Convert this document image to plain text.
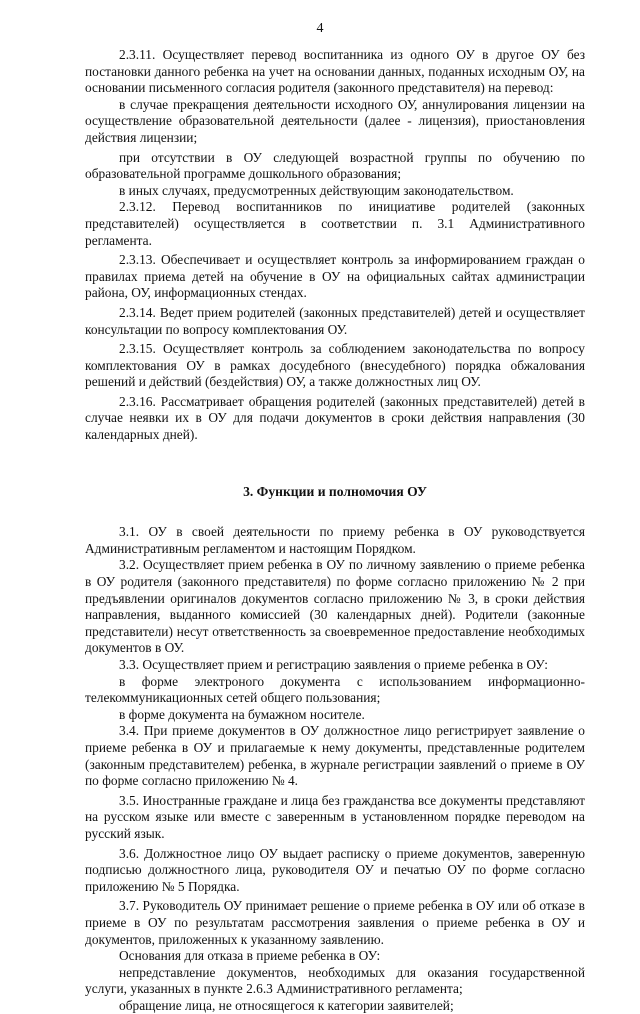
4

2.3.11. Осуществляет перевод воспитанника из одного ОУ в другое ОУ без постановки данного ребенка на учет на основании данных, поданных исходным ОУ, на основании письменного согласия родителя (законного представителя) на перевод:

в случае прекращения деятельности исходного ОУ, аннулирования лицензии на осуществление образовательной деятельности (далее - лицензия), приостановления действия лицензии;

при отсутствии в ОУ следующей возрастной группы по обучению по образовательной программе дошкольного образования;

в иных случаях, предусмотренных действующим законодательством.

2.3.12. Перевод воспитанников по инициативе родителей (законных представителей) осуществляется в соответствии п. 3.1 Административного регламента.

2.3.13. Обеспечивает и осуществляет контроль за информированием граждан о правилах приема детей на обучение в ОУ на официальных сайтах администрации района, ОУ, информационных стендах.

2.3.14. Ведет прием родителей (законных представителей) детей и осуществляет консультации по вопросу комплектования ОУ.

2.3.15. Осуществляет контроль за соблюдением законодательства по вопросу комплектования ОУ в рамках досудебного (внесудебного) порядка обжалования решений и действий (бездействия) ОУ, а также должностных лиц ОУ.

2.3.16. Рассматривает обращения родителей (законных представителей) детей в случае неявки их в ОУ для подачи документов в сроки действия направления (30 календарных дней).

3. Функции и полномочия ОУ

3.1. ОУ в своей деятельности по приему ребенка в ОУ руководствуется Административным регламентом и настоящим Порядком.

3.2. Осуществляет прием ребенка в ОУ по личному заявлению о приеме ребенка в ОУ родителя (законного представителя) по форме согласно приложению № 2 при предъявлении оригиналов документов согласно приложению № 3, в сроки действия направления, выданного комиссией (30 календарных дней). Родители (законные представители) несут ответственность за своевременное предоставление необходимых документов в ОУ.

3.3. Осуществляет прием и регистрацию заявления о приеме ребенка в ОУ:

в форме электроного документа с использованием информационно-телекоммуникационных сетей общего пользования;

в форме документа на бумажном носителе.

3.4. При приеме документов в ОУ должностное лицо регистрирует заявление о приеме ребенка в ОУ и прилагаемые к нему документы, представленные родителем (законным представителем) ребенка, в журнале регистрации заявлений о приеме в ОУ по форме согласно приложению № 4.

3.5. Иностранные граждане и лица без гражданства все документы представляют на русском языке или вместе с заверенным в установленном порядке переводом на русский язык.

3.6. Должностное лицо ОУ выдает расписку о приеме документов, заверенную подписью должностного лица, руководителя ОУ и печатью ОУ по форме согласно приложению № 5 Порядка.

3.7. Руководитель ОУ принимает решение о приеме ребенка в ОУ или об отказе в приеме в ОУ по результатам рассмотрения заявления о приеме ребенка в ОУ и документов, приложенных к указанному заявлению.

Основания для отказа в приеме ребенка в ОУ:

непредставление документов, необходимых для оказания государственной услуги, указанных в пункте 2.6.3 Административного регламента;

обращение лица, не относящегося к категории заявителей;
